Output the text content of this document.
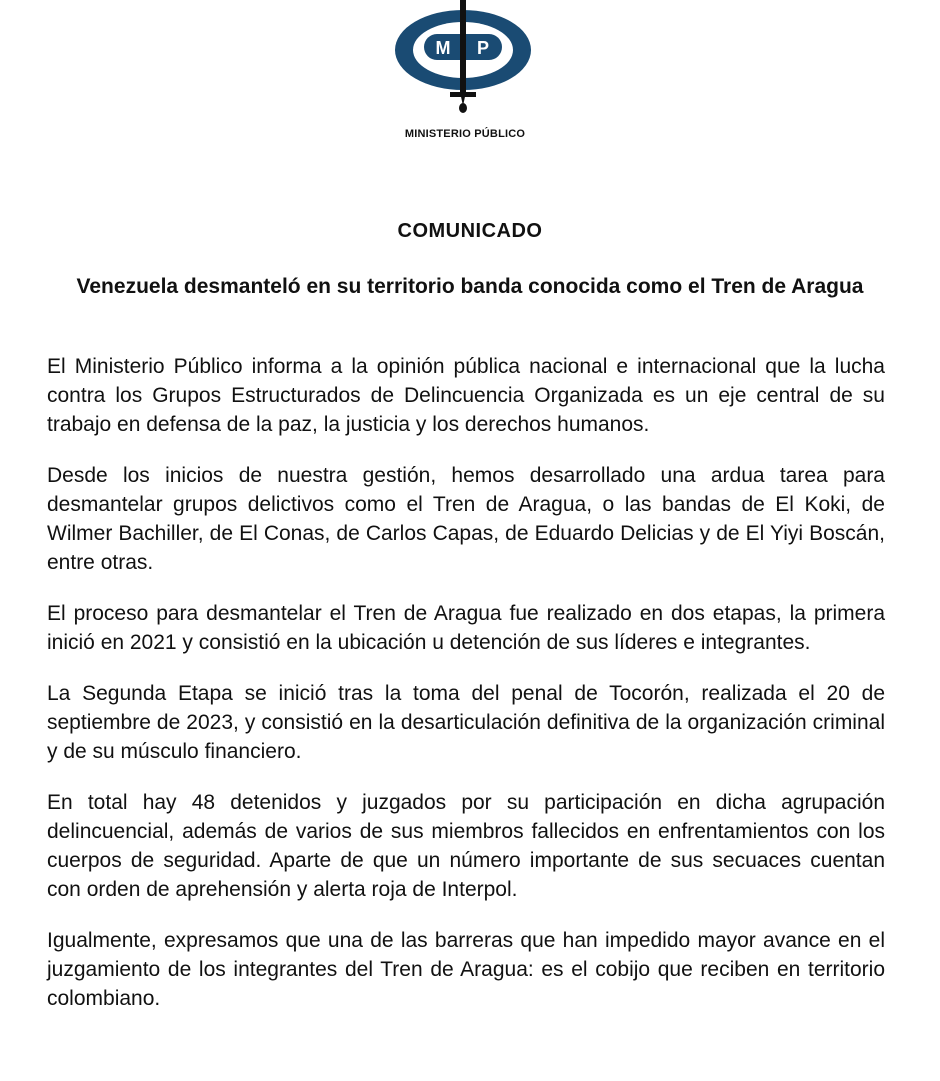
M P
MINISTERIO PÚBLICO
COMUNICADO
Venezuela desmanteló en su territorio banda conocida como el Tren de Aragua

El Ministerio Público informa a la opinión pública nacional e internacional que la lucha contra los Grupos Estructurados de Delincuencia Organizada es un eje central de su trabajo en defensa de la paz, la justicia y los derechos humanos.

Desde los inicios de nuestra gestión, hemos desarrollado una ardua tarea para desmantelar grupos delictivos como el Tren de Aragua, o las bandas de El Koki, de Wilmer Bachiller, de El Conas, de Carlos Capas, de Eduardo Delicias y de El Yiyi Boscán, entre otras.

El proceso para desmantelar el Tren de Aragua fue realizado en dos etapas, la primera inició en 2021 y consistió en la ubicación u detención de sus líderes e integrantes.

La Segunda Etapa se inició tras la toma del penal de Tocorón, realizada el 20 de septiembre de 2023, y consistió en la desarticulación definitiva de la organización criminal y de su músculo financiero.

En total hay 48 detenidos y juzgados por su participación en dicha agrupación delincuencial, además de varios de sus miembros fallecidos en enfrentamientos con los cuerpos de seguridad. Aparte de que un número importante de sus secuaces cuentan con orden de aprehensión y alerta roja de Interpol.

Igualmente, expresamos que una de las barreras que han impedido mayor avance en el juzgamiento de los integrantes del Tren de Aragua: es el cobijo que reciben en territorio colombiano.
